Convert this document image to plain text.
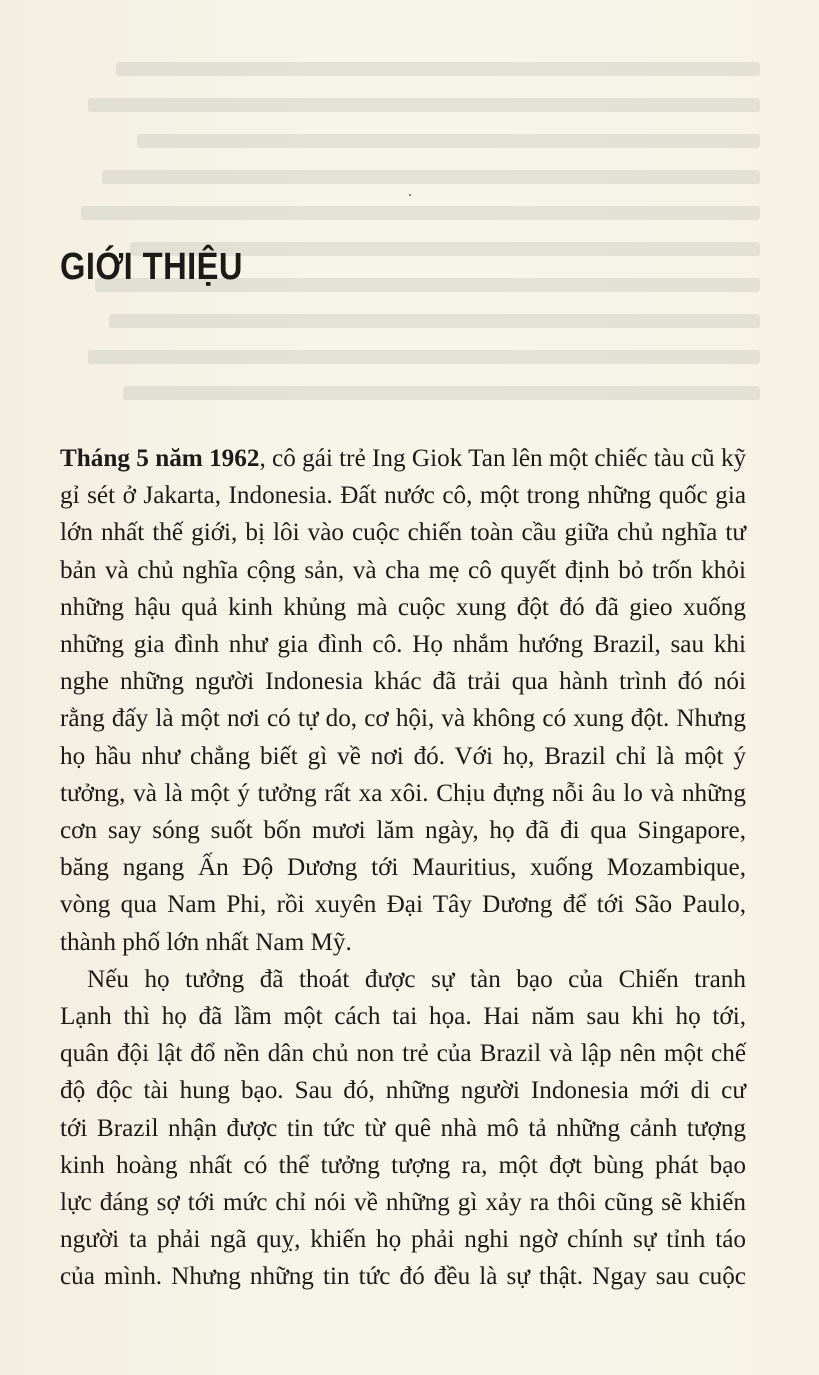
GIỚI THIỆU

Tháng 5 năm 1962, cô gái trẻ Ing Giok Tan lên một chiếc tàu cũ kỹ
gỉ sét ở Jakarta, Indonesia. Đất nước cô, một trong những quốc gia
lớn nhất thế giới, bị lôi vào cuộc chiến toàn cầu giữa chủ nghĩa tư
bản và chủ nghĩa cộng sản, và cha mẹ cô quyết định bỏ trốn khỏi
những hậu quả kinh khủng mà cuộc xung đột đó đã gieo xuống
những gia đình như gia đình cô. Họ nhắm hướng Brazil, sau khi
nghe những người Indonesia khác đã trải qua hành trình đó nói
rằng đấy là một nơi có tự do, cơ hội, và không có xung đột. Nhưng
họ hầu như chẳng biết gì về nơi đó. Với họ, Brazil chỉ là một ý
tưởng, và là một ý tưởng rất xa xôi. Chịu đựng nỗi âu lo và những
cơn say sóng suốt bốn mươi lăm ngày, họ đã đi qua Singapore,
băng ngang Ấn Độ Dương tới Mauritius, xuống Mozambique,
vòng qua Nam Phi, rồi xuyên Đại Tây Dương để tới São Paulo,
thành phố lớn nhất Nam Mỹ.

Nếu họ tưởng đã thoát được sự tàn bạo của Chiến tranh
Lạnh thì họ đã lầm một cách tai họa. Hai năm sau khi họ tới,
quân đội lật đổ nền dân chủ non trẻ của Brazil và lập nên một chế
độ độc tài hung bạo. Sau đó, những người Indonesia mới di cư
tới Brazil nhận được tin tức từ quê nhà mô tả những cảnh tượng
kinh hoàng nhất có thể tưởng tượng ra, một đợt bùng phát bạo
lực đáng sợ tới mức chỉ nói về những gì xảy ra thôi cũng sẽ khiến
người ta phải ngã quỵ, khiến họ phải nghi ngờ chính sự tỉnh táo
của mình. Nhưng những tin tức đó đều là sự thật. Ngay sau cuộc
